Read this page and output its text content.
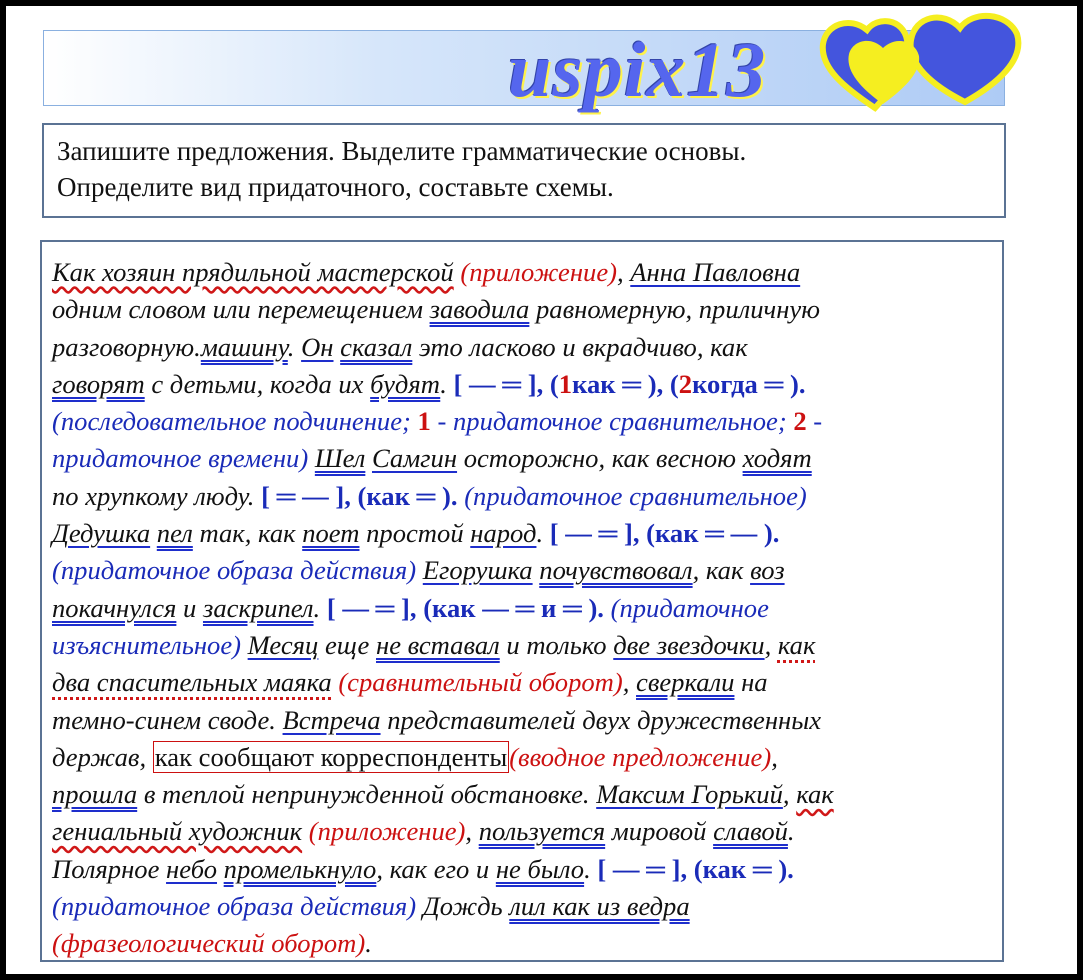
uspix13
Запишите предложения. Выделите грамматические основы.
Определите вид придаточного, составьте схемы.
Как хозяин прядильной мастерской (приложение), Анна Павловна
одним словом или перемещением заводила равномерную, приличную
разговорную.машину. Он сказал это ласково и вкрадчиво, как
говорят с детьми, когда их будят. [ — ═ ], (1как ═ ), (2когда ═ ).
(последовательное подчинение; 1 - придаточное сравнительное; 2 -
придаточное времени) Шел Самгин осторожно, как весною ходят
по хрупкому люду. [ ═ — ], (как ═ ). (придаточное сравнительное)
Дедушка пел так, как поет простой народ. [ — ═ ], (как ═ — ).
(придаточное образа действия) Егорушка почувствовал, как воз
покачнулся и заскрипел. [ — ═ ], (как — ═ и ═ ). (придаточное
изъяснительное) Месяц еще не вставал и только две звездочки, как
два спасительных маяка (сравнительный оборот), сверкали на
темно-синем своде. Встреча представителей двух дружественных
держав, как сообщают корреспонденты(вводное предложение),
прошла в теплой непринужденной обстановке. Максим Горький, как
гениальный художник (приложение), пользуется мировой славой.
Полярное небо промелькнуло, как его и не было. [ — ═ ], (как ═ ).
(придаточное образа действия) Дождь лил как из ведра
(фразеологический оборот).
